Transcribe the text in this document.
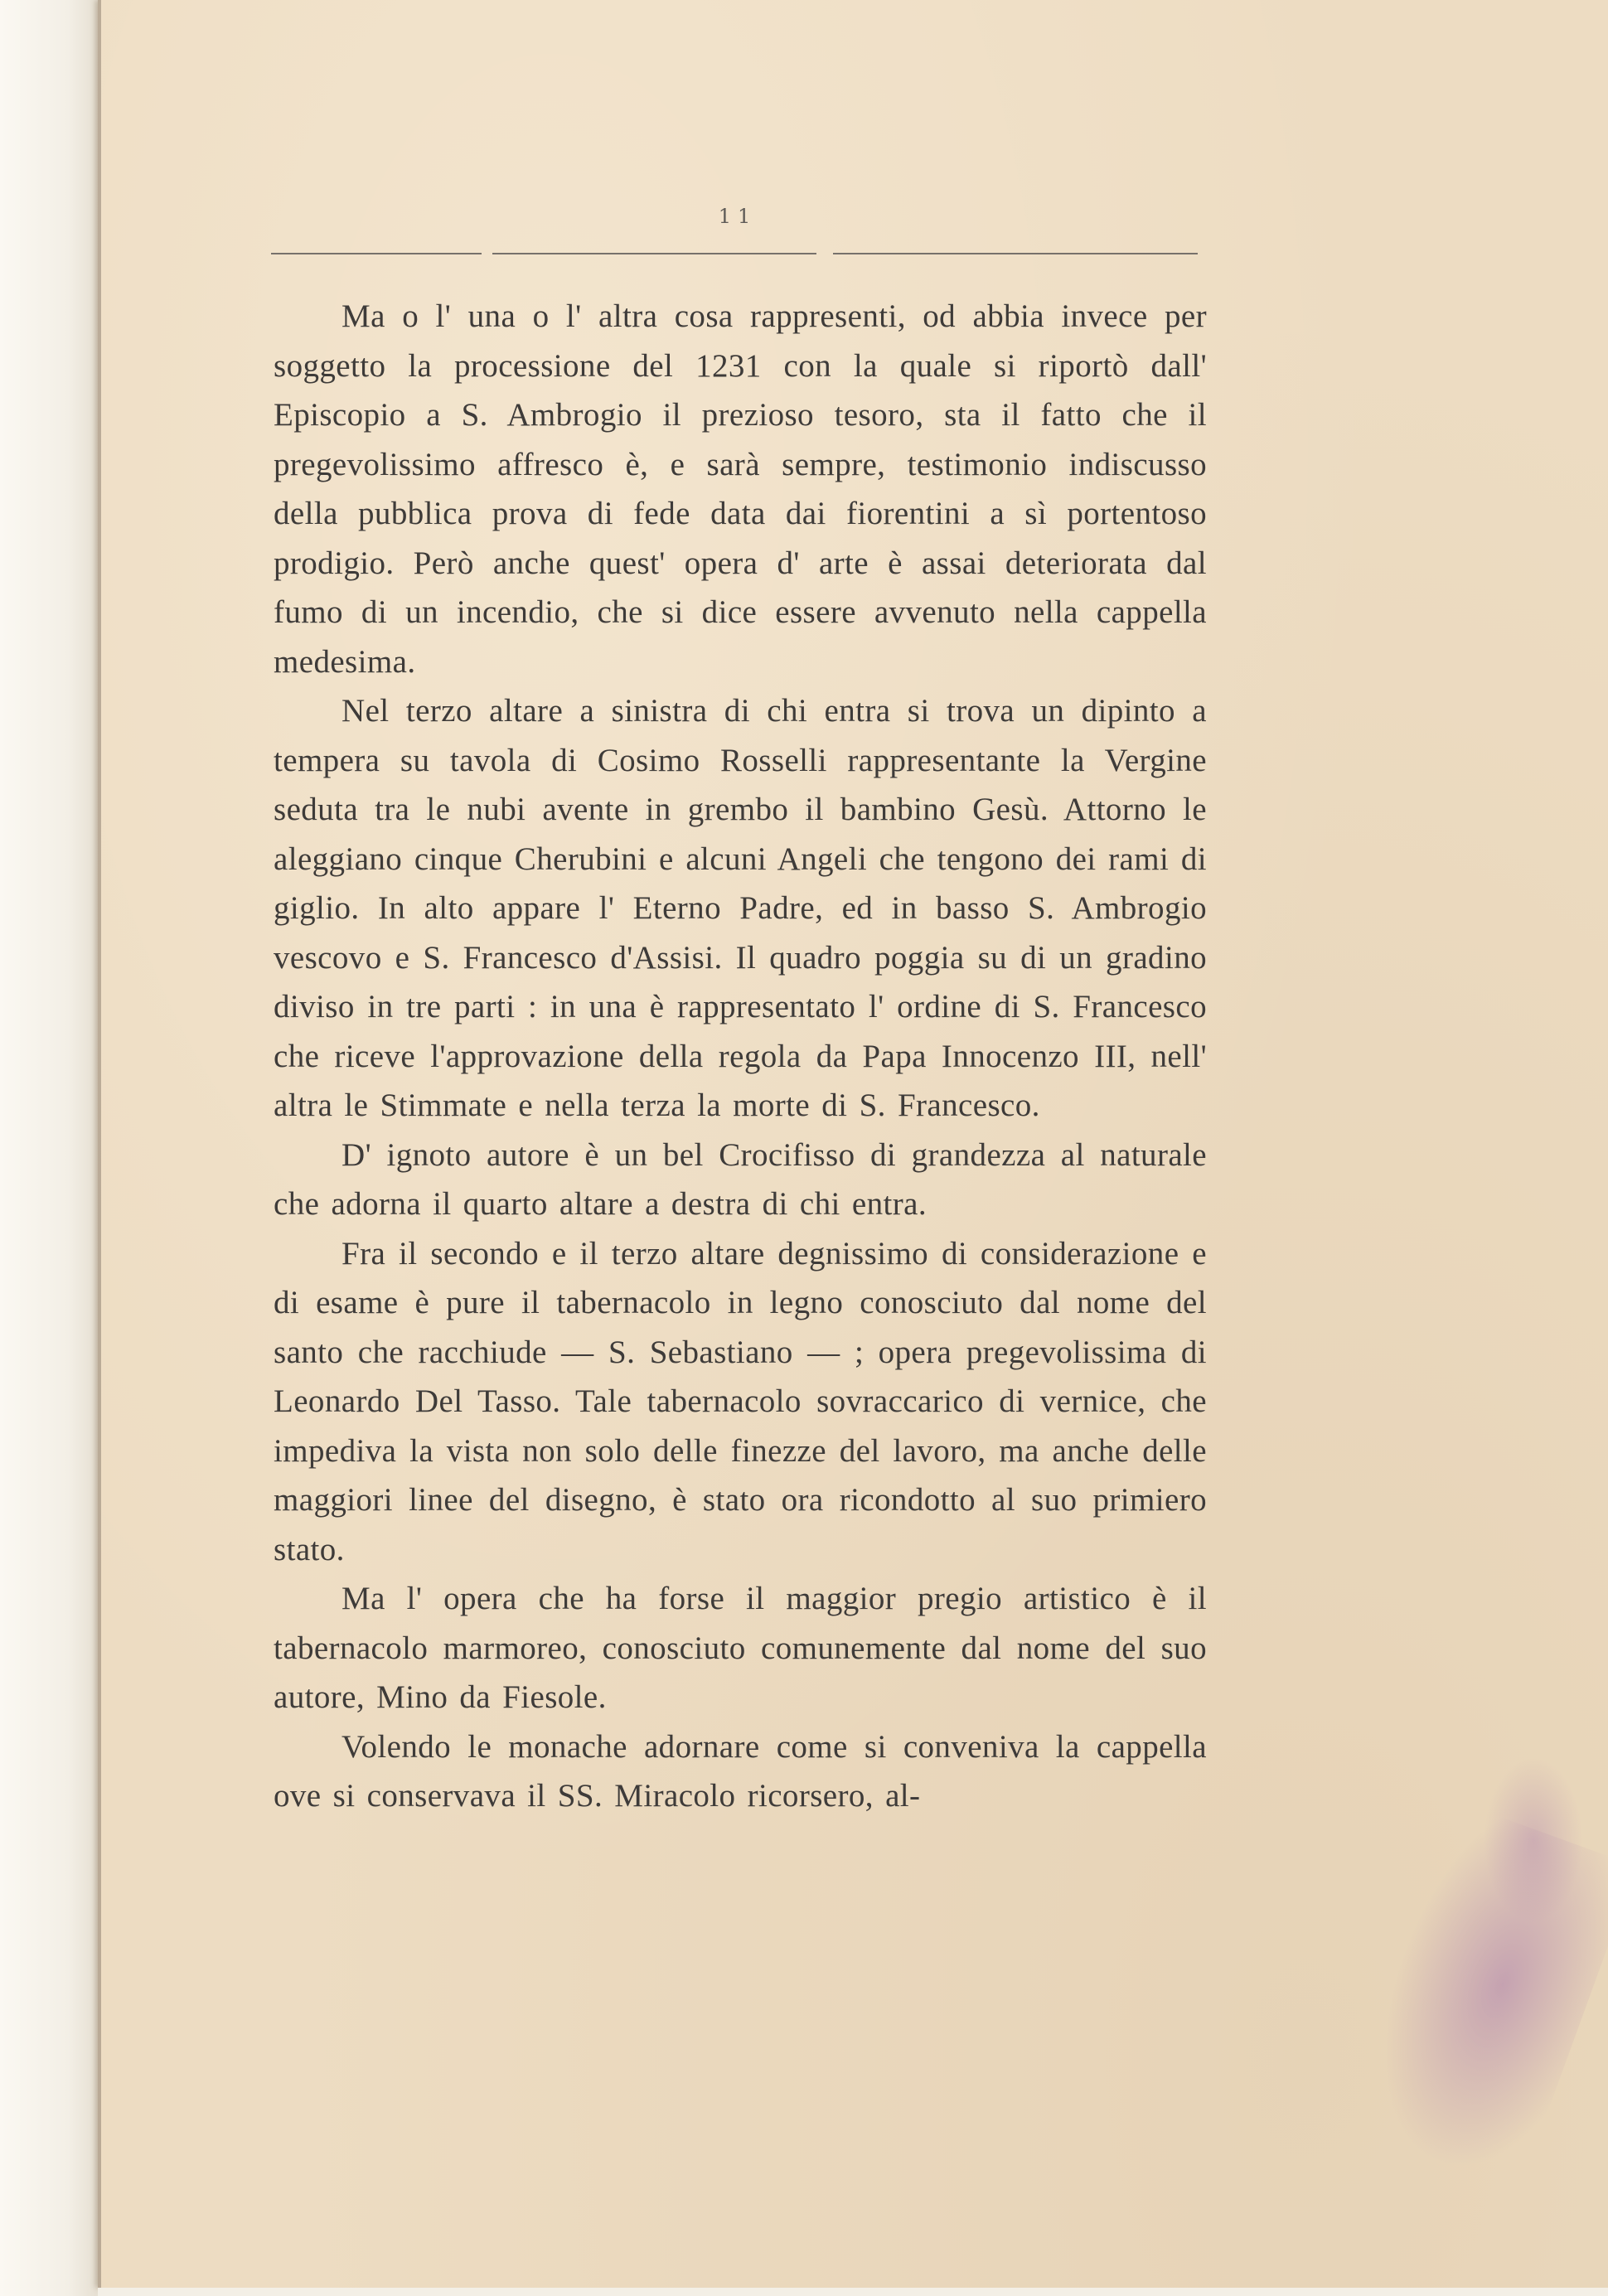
11

Ma o l' una o l' altra cosa rappresenti, od abbia invece per soggetto la processione del 1231 con la quale si riportò dall' Episcopio a S. Ambrogio il prezioso tesoro, sta il fatto che il pregevolissimo affresco è, e sarà sempre, testimonio indiscusso della pubblica prova di fede data dai fiorentini a sì portentoso prodigio. Però anche quest' opera d' arte è assai deteriorata dal fumo di un incendio, che si dice essere avvenuto nella cappella medesima.

Nel terzo altare a sinistra di chi entra si trova un dipinto a tempera su tavola di Cosimo Rosselli rappresentante la Vergine seduta tra le nubi avente in grembo il bambino Gesù. Attorno le aleggiano cinque Cherubini e alcuni Angeli che tengono dei rami di giglio. In alto appare l' Eterno Padre, ed in basso S. Ambrogio vescovo e S. Francesco d'Assisi. Il quadro poggia su di un gradino diviso in tre parti : in una è rappresentato l' ordine di S. Francesco che riceve l'approvazione della regola da Papa Innocenzo III, nell' altra le Stimmate e nella terza la morte di S. Francesco.

D' ignoto autore è un bel Crocifisso di grandezza al naturale che adorna il quarto altare a destra di chi entra.

Fra il secondo e il terzo altare degnissimo di considerazione e di esame è pure il tabernacolo in legno conosciuto dal nome del santo che racchiude — S. Sebastiano — ; opera pregevolissima di Leonardo Del Tasso. Tale tabernacolo sovraccarico di vernice, che impediva la vista non solo delle finezze del lavoro, ma anche delle maggiori linee del disegno, è stato ora ricondotto al suo primiero stato.

Ma l' opera che ha forse il maggior pregio artistico è il tabernacolo marmoreo, conosciuto comunemente dal nome del suo autore, Mino da Fiesole.

Volendo le monache adornare come si conveniva la cappella ove si conservava il SS. Miracolo ricorsero, al-
